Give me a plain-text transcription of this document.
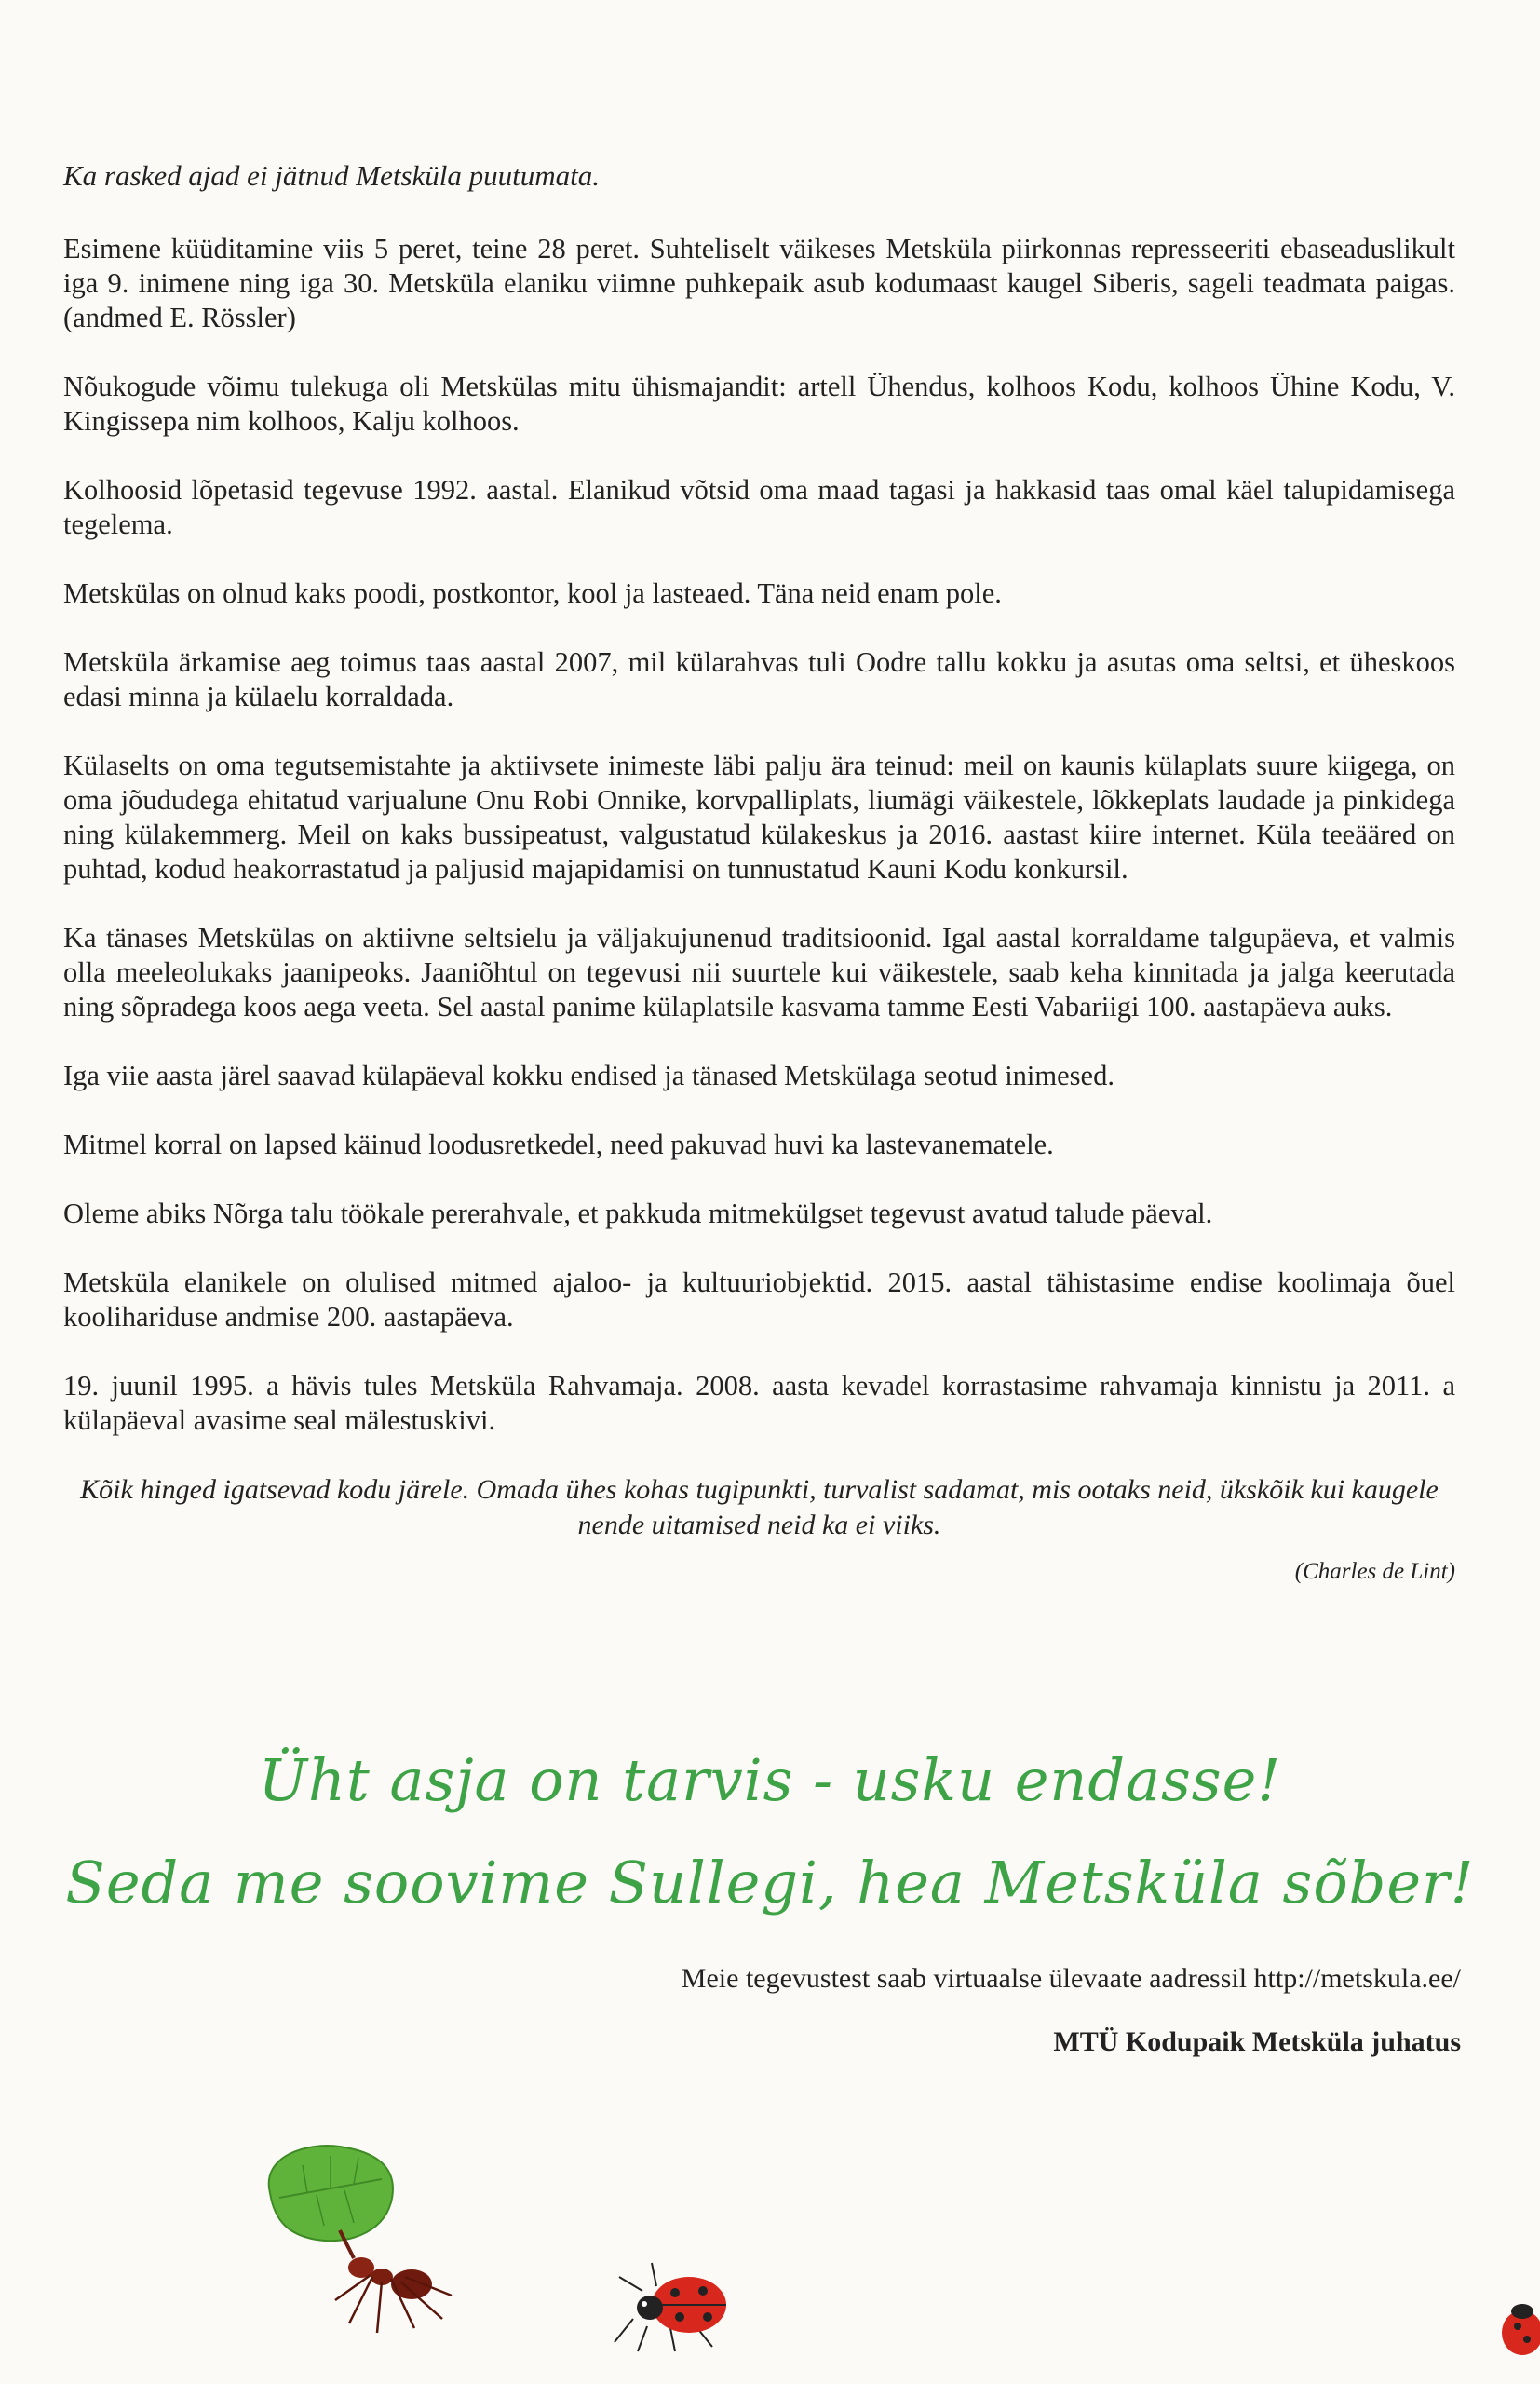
Ka rasked ajad ei jätnud Metsküla puutumata.

Esimene küüditamine viis 5 peret, teine 28 peret. Suhteliselt väikeses Metsküla piirkonnas represseeriti ebaseaduslikult iga 9. inimene ning iga 30. Metsküla elaniku viimne puhkepaik asub kodumaast kaugel Siberis, sageli teadmata paigas. (andmed E. Rössler)

Nõukogude võimu tulekuga oli Metskülas mitu ühismajandit: artell Ühendus, kolhoos Kodu, kolhoos Ühine Kodu, V. Kingissepa nim kolhoos, Kalju kolhoos.

Kolhoosid lõpetasid tegevuse 1992. aastal. Elanikud võtsid oma maad tagasi ja hakkasid taas omal käel talupidamisega tegelema.

Metskülas on olnud kaks poodi, postkontor, kool ja lasteaed. Täna neid enam pole.

Metsküla ärkamise aeg toimus taas aastal 2007, mil külarahvas tuli Oodre tallu kokku ja asutas oma seltsi, et üheskoos edasi minna ja külaelu korraldada.

Külaselts on oma tegutsemistahte ja aktiivsete inimeste läbi palju ära teinud: meil on kaunis külaplats suure kiigega, on oma jõududega ehitatud varjualune Onu Robi Onnike, korvpalliplats, liumägi väikestele, lõkkeplats laudade ja pinkidega ning külakemmerg. Meil on kaks bussipeatust, valgustatud külakeskus ja 2016. aastast kiire internet. Küla teeääred on puhtad, kodud heakorrastatud ja paljusid majapidamisi on tunnustatud Kauni Kodu konkursil.

Ka tänases Metskülas on aktiivne seltsielu ja väljakujunenud traditsioonid. Igal aastal korraldame talgupäeva, et valmis olla meeleolukaks jaanipeoks. Jaaniõhtul on tegevusi nii suurtele kui väikestele, saab keha kinnitada ja jalga keerutada ning sõpradega koos aega veeta. Sel aastal panime külaplatsile kasvama tamme Eesti Vabariigi 100. aastapäeva auks.

Iga viie aasta järel saavad külapäeval kokku endised ja tänased Metskülaga seotud inimesed.

Mitmel korral on lapsed käinud loodusretkedel, need pakuvad huvi ka lastevanematele.

Oleme abiks Nõrga talu töökale pererahvale, et pakkuda mitmekülgset tegevust avatud talude päeval.

Metsküla elanikele on olulised mitmed ajaloo- ja kultuuriobjektid. 2015. aastal tähistasime endise koolimaja õuel koolihariduse andmise 200. aastapäeva.

19. juunil 1995. a hävis tules Metsküla Rahvamaja. 2008. aasta kevadel korrastasime rahvamaja kinnistu ja 2011. a külapäeval avasime seal mälestuskivi.

Kõik hinged igatsevad kodu järele. Omada ühes kohas tugipunkti, turvalist sadamat, mis ootaks neid, ükskõik kui kaugele nende uitamised neid ka ei viiks.

(Charles de Lint)

Üht asja on tarvis - usku endasse!
Seda me soovime Sullegi, hea Metsküla sõber!
Meie tegevustest saab virtuaalse ülevaate aadressil http://metskula.ee/
MTÜ Kodupaik Metsküla juhatus
